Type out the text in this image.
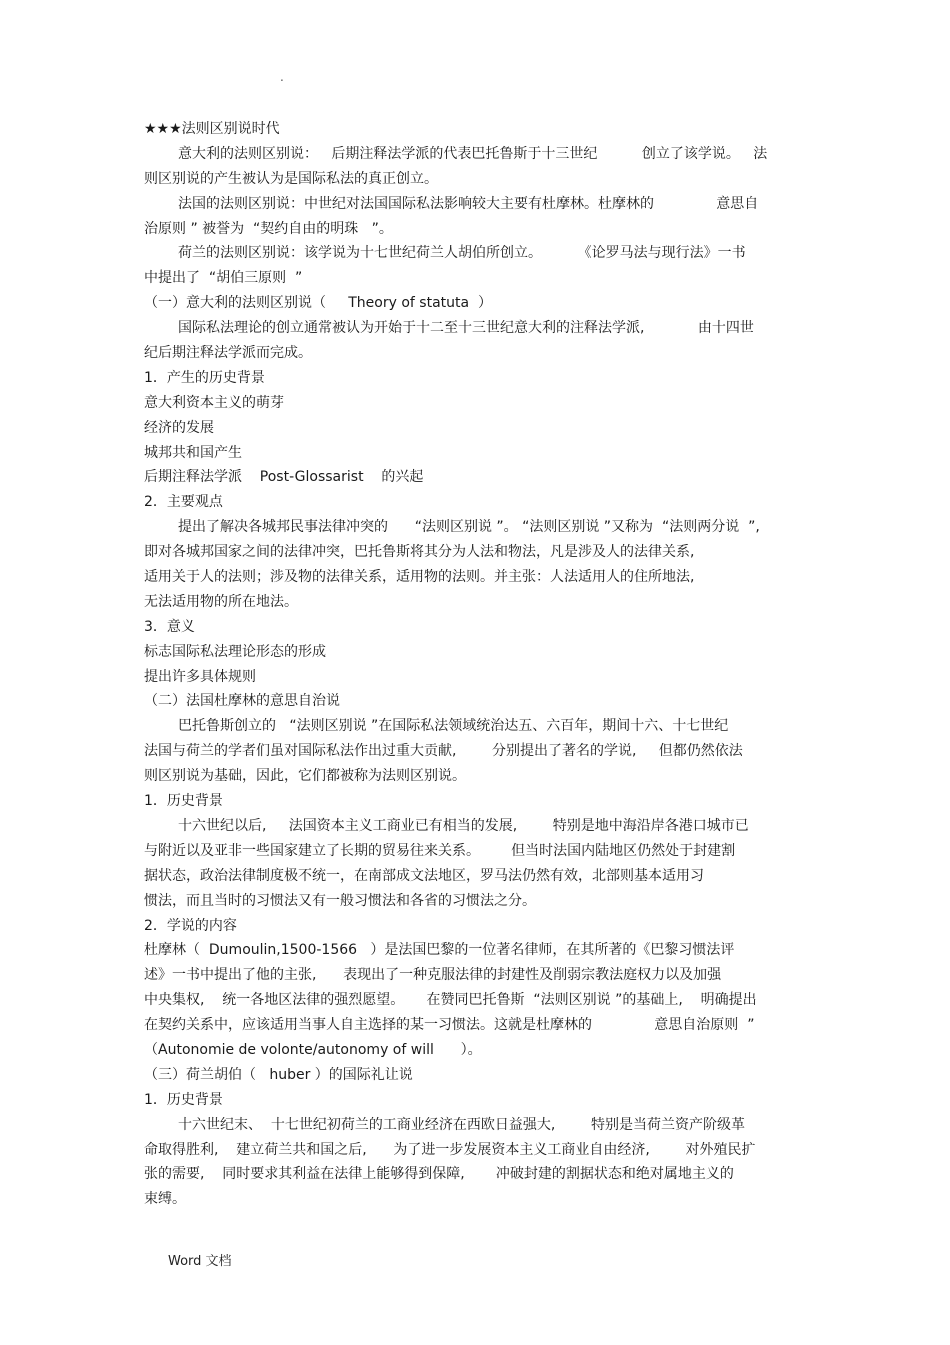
.
★★★法则区别说时代
意大利的法则区别说：   后期注释法学派的代表巴托鲁斯于十三世纪          创立了该学说。   法
则区别说的产生被认为是国际私法的真正创立。
法国的法则区别说：中世纪对法国国际私法影响较大主要有杜摩林。杜摩林的              意思自
治原则 ” 被誉为  “契约自由的明珠   ”。
荷兰的法则区别说：该学说为十七世纪荷兰人胡伯所创立。        《论罗马法与现行法》一书
中提出了  “胡伯三原则  ”
（一）意大利的法则区别说（     Theory of statuta  ）
国际私法理论的创立通常被认为开始于十二至十三世纪意大利的注释法学派,            由十四世
纪后期注释法学派而完成。
1．产生的历史背景
意大利资本主义的萌芽
经济的发展
城邦共和国产生
后期注释法学派    Post-Glossarist    的兴起
2．主要观点
提出了解决各城邦民事法律冲突的      “法则区别说 ”。 “法则区别说 ”又称为  “法则两分说  ”,
即对各城邦国家之间的法律冲突，巴托鲁斯将其分为人法和物法，凡是涉及人的法律关系,
适用关于人的法则；涉及物的法律关系，适用物的法则。并主张：人法适用人的住所地法,
无法适用物的所在地法。
3．意义
标志国际私法理论形态的形成
提出许多具体规则
（二）法国杜摩林的意思自治说
巴托鲁斯创立的   “法则区别说 ”在国际私法领域统治达五、六百年，期间十六、十七世纪
法国与荷兰的学者们虽对国际私法作出过重大贡献,        分别提出了著名的学说,     但都仍然依法
则区别说为基础，因此，它们都被称为法则区别说。
1．历史背景
十六世纪以后,     法国资本主义工商业已有相当的发展,        特别是地中海沿岸各港口城市已
与附近以及亚非一些国家建立了长期的贸易往来关系。       但当时法国内陆地区仍然处于封建割
据状态，政治法律制度极不统一，在南部成文法地区，罗马法仍然有效，北部则基本适用习
惯法，而且当时的习惯法又有一般习惯法和各省的习惯法之分。
2．学说的内容
杜摩林（  Dumoulin,1500-1566   ）是法国巴黎的一位著名律师，在其所著的《巴黎习惯法评
述》一书中提出了他的主张,      表现出了一种克服法律的封建性及削弱宗教法庭权力以及加强
中央集权,    统一各地区法律的强烈愿望。     在赞同巴托鲁斯  “法则区别说 ”的基础上,    明确提出
在契约关系中，应该适用当事人自主选择的某一习惯法。这就是杜摩林的              意思自治原则  ”
（Autonomie de volonte/autonomy of will      ）。
（三）荷兰胡伯（   huber ）的国际礼让说
1．历史背景
十六世纪末、  十七世纪初荷兰的工商业经济在西欧日益强大,        特别是当荷兰资产阶级革
命取得胜利,    建立荷兰共和国之后,      为了进一步发展资本主义工商业自由经济,        对外殖民扩
张的需要,    同时要求其利益在法律上能够得到保障,       冲破封建的割据状态和绝对属地主义的
束缚。
Word 文档
